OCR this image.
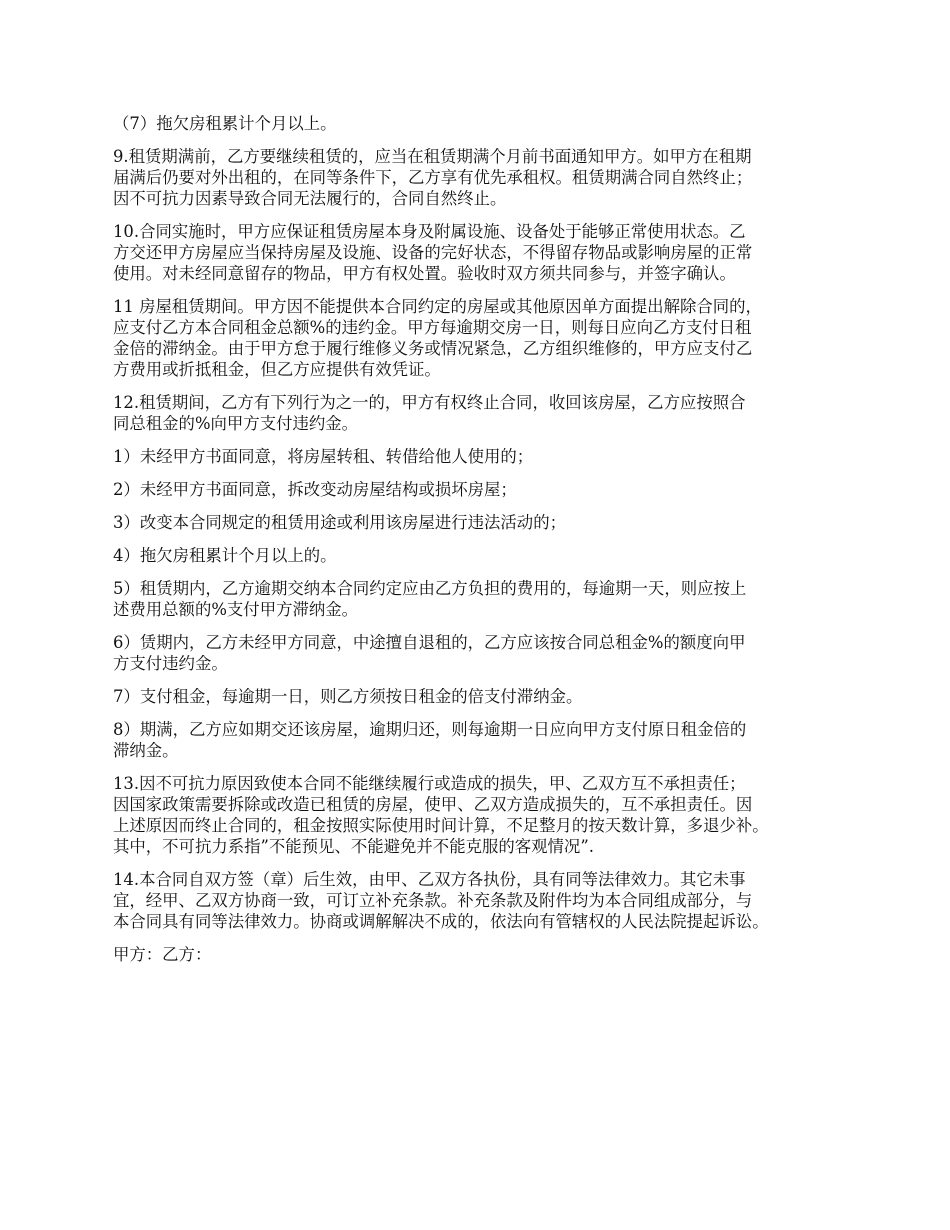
（7）拖欠房租累计个月以上。

9.租赁期满前，乙方要继续租赁的，应当在租赁期满个月前书面通知甲方。如甲方在租期
届满后仍要对外出租的，在同等条件下，乙方享有优先承租权。租赁期满合同自然终止；
因不可抗力因素导致合同无法履行的，合同自然终止。

10.合同实施时，甲方应保证租赁房屋本身及附属设施、设备处于能够正常使用状态。乙
方交还甲方房屋应当保持房屋及设施、设备的完好状态，不得留存物品或影响房屋的正常
使用。对未经同意留存的物品，甲方有权处置。验收时双方须共同参与，并签字确认。

11 房屋租赁期间。甲方因不能提供本合同约定的房屋或其他原因单方面提出解除合同的，
应支付乙方本合同租金总额%的违约金。甲方每逾期交房一日，则每日应向乙方支付日租
金倍的滞纳金。由于甲方怠于履行维修义务或情况紧急，乙方组织维修的，甲方应支付乙
方费用或折抵租金，但乙方应提供有效凭证。

12.租赁期间，乙方有下列行为之一的，甲方有权终止合同，收回该房屋，乙方应按照合
同总租金的%向甲方支付违约金。

1）未经甲方书面同意，将房屋转租、转借给他人使用的；

2）未经甲方书面同意，拆改变动房屋结构或损坏房屋；

3）改变本合同规定的租赁用途或利用该房屋进行违法活动的；

4）拖欠房租累计个月以上的。

5）租赁期内，乙方逾期交纳本合同约定应由乙方负担的费用的，每逾期一天，则应按上
述费用总额的%支付甲方滞纳金。

6）赁期内，乙方未经甲方同意，中途擅自退租的，乙方应该按合同总租金%的额度向甲
方支付违约金。

7）支付租金，每逾期一日，则乙方须按日租金的倍支付滞纳金。

8）期满，乙方应如期交还该房屋，逾期归还，则每逾期一日应向甲方支付原日租金倍的
滞纳金。

13.因不可抗力原因致使本合同不能继续履行或造成的损失，甲、乙双方互不承担责任；
因国家政策需要拆除或改造已租赁的房屋，使甲、乙双方造成损失的，互不承担责任。因
上述原因而终止合同的，租金按照实际使用时间计算，不足整月的按天数计算，多退少补。
其中，不可抗力系指”不能预见、不能避免并不能克服的客观情况”.

14.本合同自双方签（章）后生效，由甲、乙双方各执份，具有同等法律效力。其它未事
宜，经甲、乙双方协商一致，可订立补充条款。补充条款及附件均为本合同组成部分，与
本合同具有同等法律效力。协商或调解解决不成的，依法向有管辖权的人民法院提起诉讼。

甲方：乙方：
